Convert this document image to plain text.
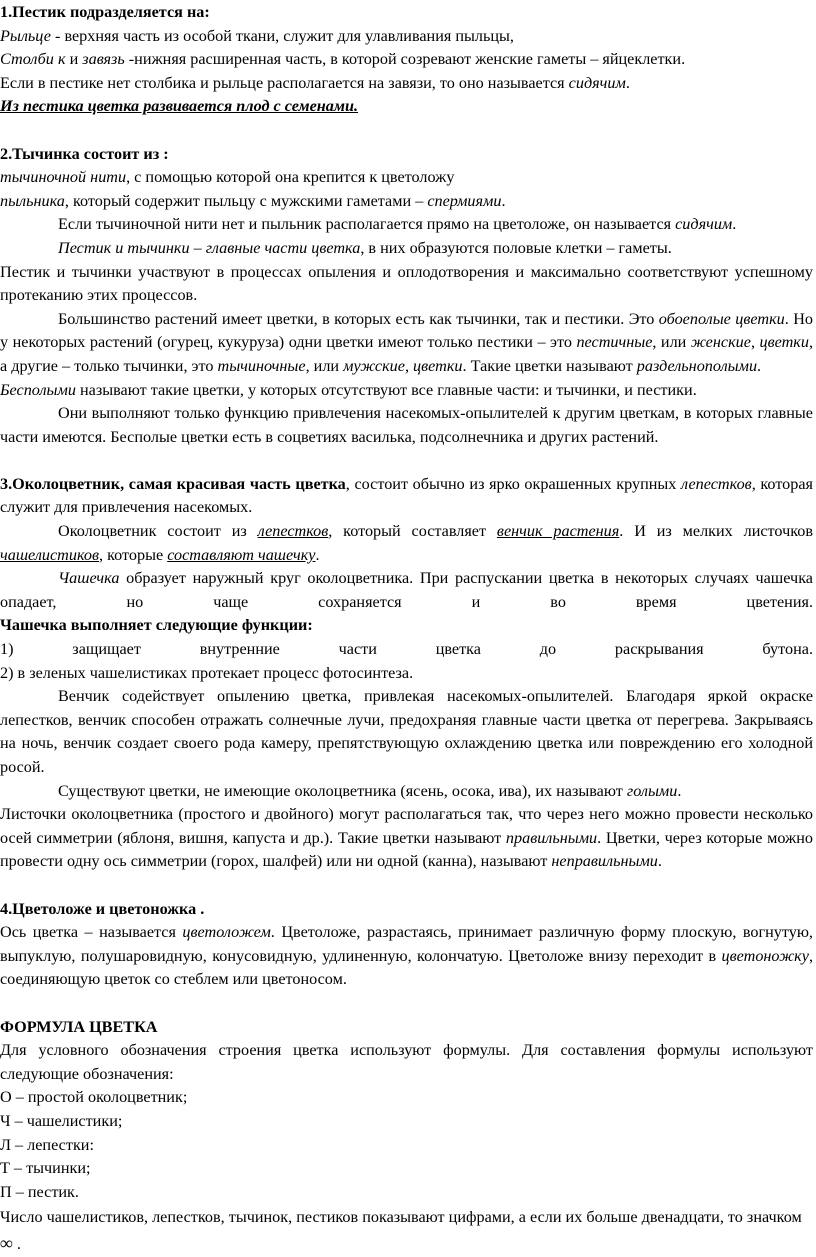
1.Пестик подразделяется на:

Рыльце - верхняя часть из особой ткани, служит для улавливания пыльцы,

Столби к и завязь -нижняя расширенная часть, в которой созревают женские гаметы – яйцеклетки.

Если в пестике нет столбика и рыльце располагается на завязи, то оно называется сидячим.

Из пестика цветка развивается плод с семенами.

2.Тычинка состоит из :

тычиночной нити, с помощью которой она крепится к цветоложу

пыльника, который содержит пыльцу с мужскими гаметами – спермиями.

Если тычиночной нити нет и пыльник располагается прямо на цветоложе, он называется сидячим.

Пестик и тычинки – главные части цветка, в них образуются половые клетки – гаметы.

Пестик и тычинки участвуют в процессах опыления и оплодотворения и максимально соответствуют успешному протеканию этих процессов.

Большинство растений имеет цветки, в которых есть как тычинки, так и пестики. Это обоеполые цветки. Но у некоторых растений (огурец, кукуруза) одни цветки имеют только пестики – это пестичные, или женские, цветки, а другие – только тычинки, это тычиночные, или мужские, цветки. Такие цветки называют раздельнополыми.

Бесполыми называют такие цветки, у которых отсутствуют все главные части: и тычинки, и пестики.

Они выполняют только функцию привлечения насекомых-опылителей к другим цветкам, в которых главные части имеются. Бесполые цветки есть в соцветиях василька, подсолнечника и других растений.

3.Околоцветник, самая красивая часть цветка, состоит обычно из ярко окрашенных крупных лепестков, которая служит для привлечения насекомых.

Околоцветник состоит из лепестков, который составляет венчик растения. И из мелких листочков чашелистиков, которые составляют чашечку.

Чашечка образует наружный круг околоцветника. При распускании цветка в некоторых случаях чашечка опадает, но чаще сохраняется и во время цветения.

Чашечка выполняет следующие функции:

1) защищает внутренние части цветка до раскрывания бутона.

2) в зеленых чашелистиках протекает процесс фотосинтеза.

Венчик содействует опылению цветка, привлекая насекомых-опылителей. Благодаря яркой окраске лепестков, венчик способен отражать солнечные лучи, предохраняя главные части цветка от перегрева. Закрываясь на ночь, венчик создает своего рода камеру, препятствующую охлаждению цветка или повреждению его холодной росой.

Существуют цветки, не имеющие околоцветника (ясень, осока, ива), их называют голыми.

Листочки околоцветника (простого и двойного) могут располагаться так, что через него можно провести несколько осей симметрии (яблоня, вишня, капуста и др.). Такие цветки называют правильными. Цветки, через которые можно провести одну ось симметрии (горох, шалфей) или ни одной (канна), называют неправильными.

4.Цветоложе и цветоножка .

Ось цветка – называется цветоложем. Цветоложе, разрастаясь, принимает различную форму плоскую, вогнутую, выпуклую, полушаровидную, конусовидную, удлиненную, колончатую. Цветоложе внизу переходит в цветоножку, соединяющую цветок со стеблем или цветоносом.

ФОРМУЛА ЦВЕТКА

Для условного обозначения строения цветка используют формулы. Для составления формулы используют следующие обозначения:

О – простой околоцветник;

Ч – чашелистики;

Л – лепестки:

Т – тычинки;

П – пестик.

Число чашелистиков, лепестков, тычинок, пестиков показывают цифрами, а если их больше двенадцати, то значком ∞ .
